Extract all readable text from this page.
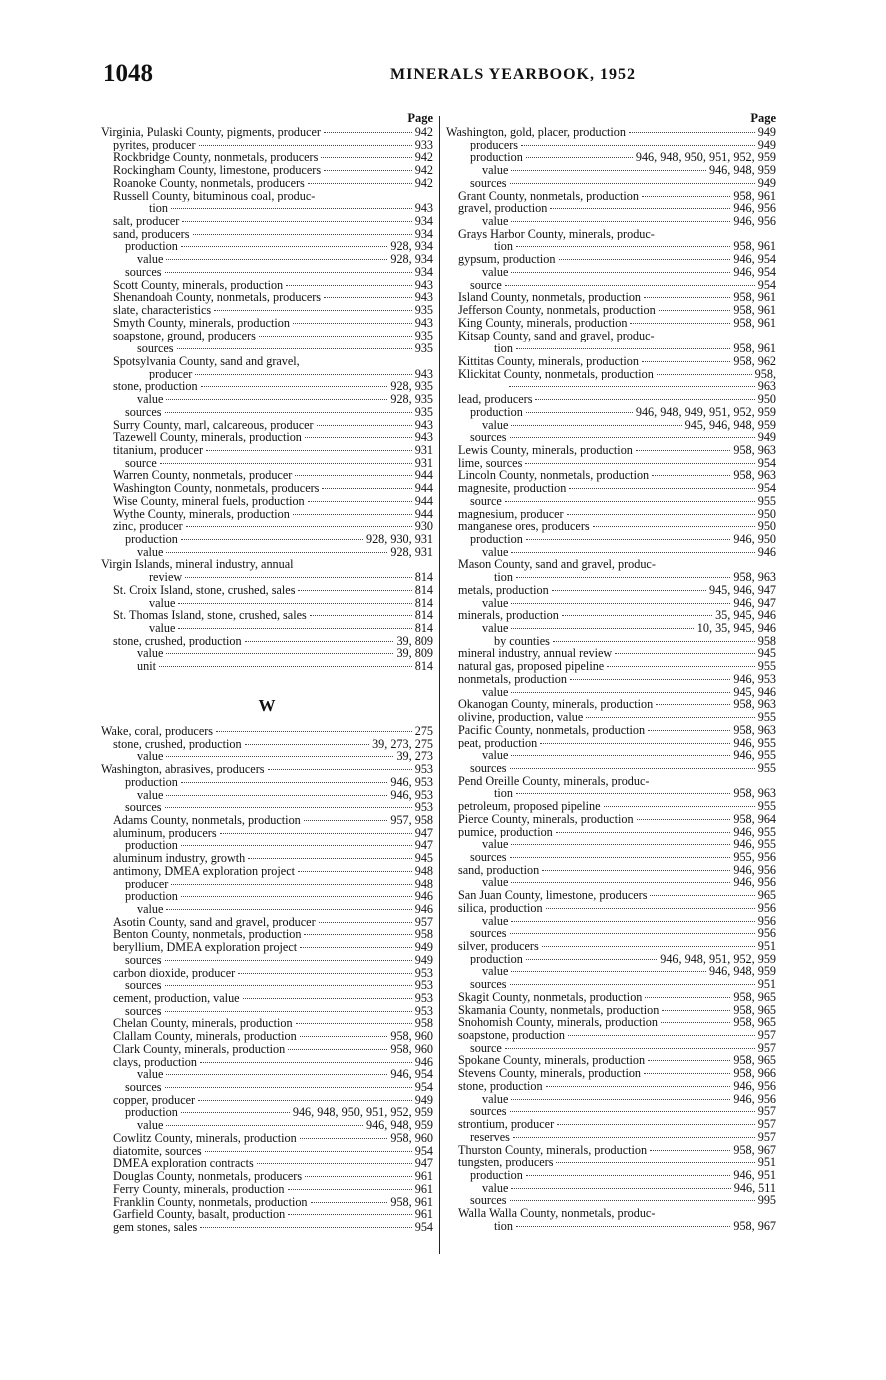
1048	MINERALS YEARBOOK, 1952
Page
Virginia, Pulaski County, pigments, producer	942
pyrites, producer	933
Rockbridge County, nonmetals, producers	942
Rockingham County, limestone, producers	942
Roanoke County, nonmetals, producers	942
Russell County, bituminous coal, produc-
tion	943
salt, producer	934
sand, producers	934
production	928, 934
value	928, 934
sources	934
Scott County, minerals, production	943
Shenandoah County, nonmetals, producers	943
slate, characteristics	935
Smyth County, minerals, production	943
soapstone, ground, producers	935
sources	935
Spotsylvania County, sand and gravel,
producer	943
stone, production	928, 935
value	928, 935
sources	935
Surry County, marl, calcareous, producer	943
Tazewell County, minerals, production	943
titanium, producer	931
source	931
Warren County, nonmetals, producer	944
Washington County, nonmetals, producers	944
Wise County, mineral fuels, production	944
Wythe County, minerals, production	944
zinc, producer	930
production	928, 930, 931
value	928, 931
Virgin Islands, mineral industry, annual
review	814
St. Croix Island, stone, crushed, sales	814
value	814
St. Thomas Island, stone, crushed, sales	814
value	814
stone, crushed, production	39, 809
value	39, 809
unit	814
W
Wake, coral, producers	275
stone, crushed, production	39, 273, 275
value	39, 273
Washington, abrasives, producers	953
production	946, 953
value	946, 953
sources	953
Adams County, nonmetals, production	957, 958
aluminum, producers	947
production	947
aluminum industry, growth	945
antimony, DMEA exploration project	948
producer	948
production	946
value	946
Asotin County, sand and gravel, producer	957
Benton County, nonmetals, production	958
beryllium, DMEA exploration project	949
sources	949
carbon dioxide, producer	953
sources	953
cement, production, value	953
sources	953
Chelan County, minerals, production	958
Clallam County, minerals, production	958, 960
Clark County, minerals, production	958, 960
clays, production	946
value	946, 954
sources	954
copper, producer	949
production	946, 948, 950, 951, 952, 959
value	946, 948, 959
Cowlitz County, minerals, production	958, 960
diatomite, sources	954
DMEA exploration contracts	947
Douglas County, nonmetals, producers	961
Ferry County, minerals, production	961
Franklin County, nonmetals, production	958, 961
Garfield County, basalt, production	961
gem stones, sales	954
Page
Washington, gold, placer, production	949
producers	949
production	946, 948, 950, 951, 952, 959
value	946, 948, 959
sources	949
Grant County, nonmetals, production	958, 961
gravel, production	946, 956
value	946, 956
Grays Harbor County, minerals, produc-
tion	958, 961
gypsum, production	946, 954
value	946, 954
source	954
Island County, nonmetals, production	958, 961
Jefferson County, nonmetals, production	958, 961
King County, minerals, production	958, 961
Kitsap County, sand and gravel, produc-
tion	958, 961
Kittitas County, minerals, production	958, 962
Klickitat County, nonmetals, production	958,
963
lead, producers	950
production	946, 948, 949, 951, 952, 959
value	945, 946, 948, 959
sources	949
Lewis County, minerals, production	958, 963
lime, sources	954
Lincoln County, nonmetals, production	958, 963
magnesite, production	954
source	955
magnesium, producer	950
manganese ores, producers	950
production	946, 950
value	946
Mason County, sand and gravel, produc-
tion	958, 963
metals, production	945, 946, 947
value	946, 947
minerals, production	35, 945, 946
value	10, 35, 945, 946
by counties	958
mineral industry, annual review	945
natural gas, proposed pipeline	955
nonmetals, production	946, 953
value	945, 946
Okanogan County, minerals, production	958, 963
olivine, production, value	955
Pacific County, nonmetals, production	958, 963
peat, production	946, 955
value	946, 955
sources	955
Pend Oreille County, minerals, produc-
tion	958, 963
petroleum, proposed pipeline	955
Pierce County, minerals, production	958, 964
pumice, production	946, 955
value	946, 955
sources	955, 956
sand, production	946, 956
value	946, 956
San Juan County, limestone, producers	965
silica, production	956
value	956
sources	956
silver, producers	951
production	946, 948, 951, 952, 959
value	946, 948, 959
sources	951
Skagit County, nonmetals, production	958, 965
Skamania County, nonmetals, production	958, 965
Snohomish County, minerals, production	958, 965
soapstone, production	957
source	957
Spokane County, minerals, production	958, 965
Stevens County, minerals, production	958, 966
stone, production	946, 956
value	946, 956
sources	957
strontium, producer	957
reserves	957
Thurston County, minerals, production	958, 967
tungsten, producers	951
production	946, 951
value	946, 511
sources	995
Walla Walla County, nonmetals, produc-
tion	958, 967
